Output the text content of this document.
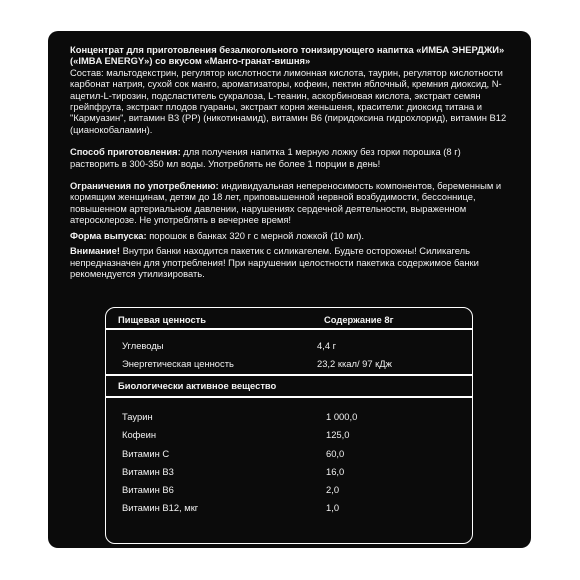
Концентрат для приготовления безалкогольного тонизирующего напитка «ИМБА ЭНЕРДЖИ» («IMBA ENERGY») со вкусом «Манго-гранат-вишня»

Состав: мальтодекстрин, регулятор кислотности лимонная кислота, таурин, регулятор кислотности карбонат натрия, сухой сок манго, ароматизаторы, кофеин, пектин яблочный, кремния диоксид, N-ацетил-L-тирозин, подсластитель сукралоза, L-теанин, аскорбиновая кислота, экстракт семян грейпфрута, экстракт плодов гуараны, экстракт корня женьшеня, красители: диоксид титана и "Кармуазин", витамин В3 (РР) (никотинамид), витамин В6 (пиридоксина гидрохлорид), витамин В12 (цианокобаламин).

Способ приготовления: для получения напитка 1 мерную ложку без горки порошка (8 г) растворить в 300-350 мл воды. Употреблять не более 1 порции в день!

Ограничения по употреблению: индивидуальная непереносимость компонентов, беременным и кормящим женщинам, детям до 18 лет, приповышенной нервной возбудимости, бессоннице, повышенном артериальном давлении, нарушениях сердечной деятельности, выраженном атеросклерозе. Не употреблять в вечернее время!

Форма выпуска: порошок в банках 320 г с мерной ложкой (10 мл).

Внимание! Внутри банки находится пакетик с силикагелем. Будьте осторожны! Силикагель непредназначен для употребления! При нарушении целостности пакетика содержимое банки рекомендуется утилизировать.

Пищевая ценность	Содержание 8г
Углеводы	4,4 г
Энергетическая ценность	23,2 ккал/ 97 кДж
Биологически активное вещество
Таурин	1 000,0
Кофеин	125,0
Витамин С	60,0
Витамин В3	16,0
Витамин В6	2,0
Витамин В12, мкг	1,0
